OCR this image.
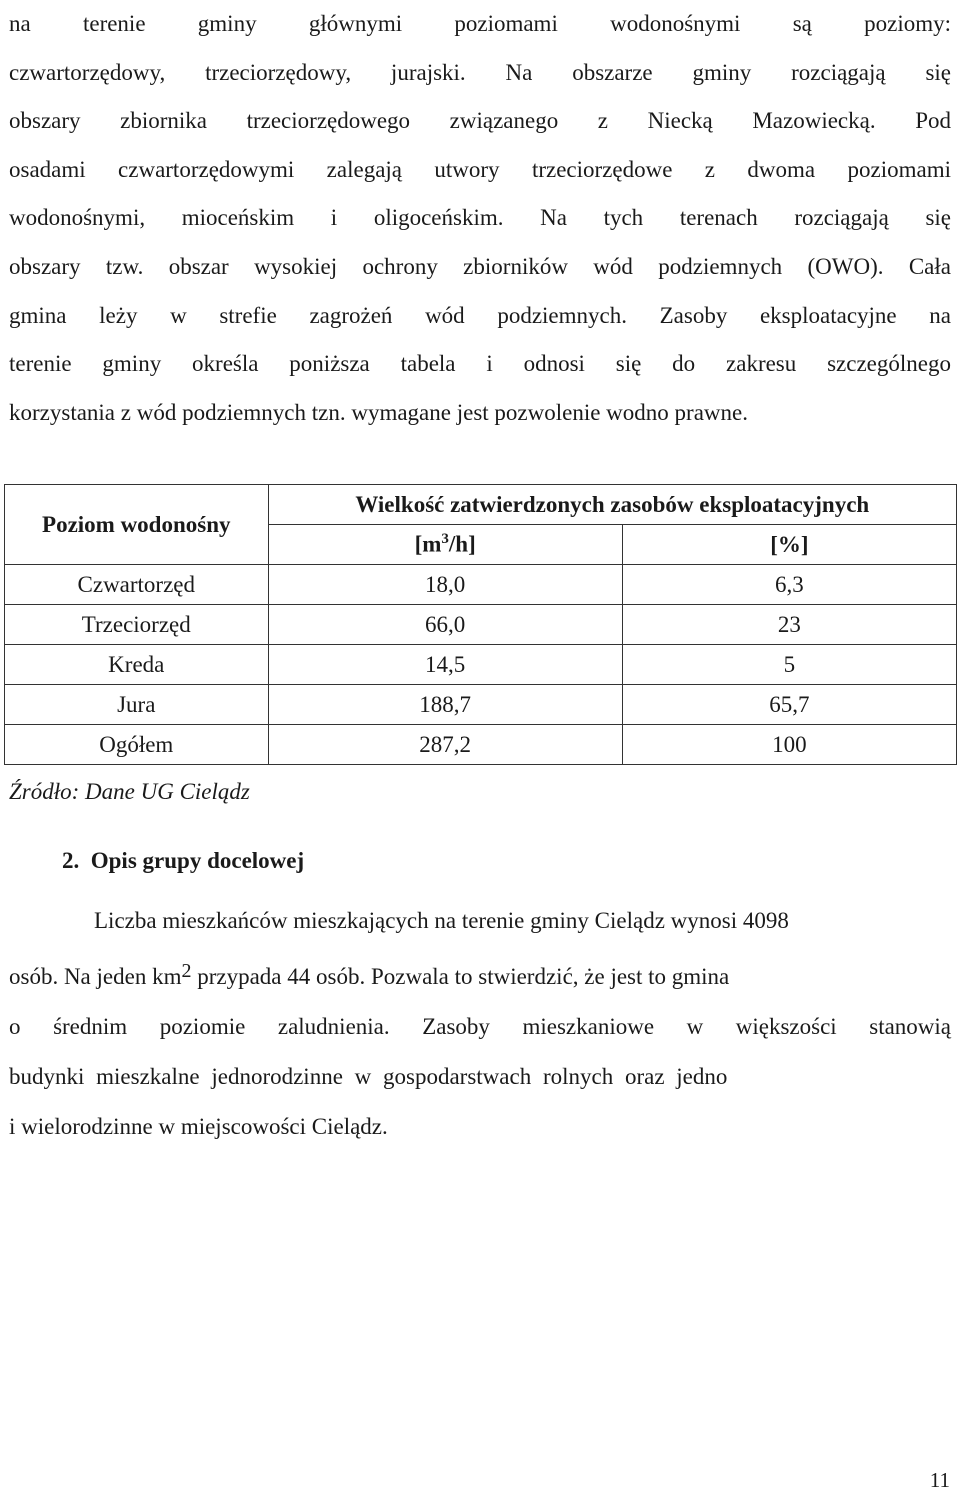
na terenie gminy głównymi poziomami wodonośnymi są poziomy:
czwartorzędowy, trzeciorzędowy, jurajski. Na obszarze gminy rozciągają się
obszary zbiornika trzeciorzędowego związanego z Niecką Mazowiecką. Pod
osadami czwartorzędowymi zalegają utwory trzeciorzędowe z dwoma poziomami
wodonośnymi, mioceńskim i oligoceńskim. Na tych terenach rozciągają się
obszary tzw. obszar wysokiej ochrony zbiorników wód podziemnych (OWO). Cała
gmina leży w strefie zagrożeń wód podziemnych. Zasoby eksploatacyjne na
terenie gminy określa poniższa tabela i odnosi się do zakresu szczególnego
korzystania z wód podziemnych tzn. wymagane jest pozwolenie wodno prawne.
Poziom wodonośny	Wielkość zatwierdzonych zasobów eksploatacyjnych	
	$[m^3/h]$	[%]
Czwartorzęd	18,0	6,3
Trzeciorzęd	66,0	23
Kreda	14,5	5
Jura	188,7	65,7
Ogółem	287,2	100
Źródło: Dane UG Cielądz
2. Opis grupy docelowej
Liczba mieszkańców mieszkających na terenie gminy Cielądz wynosi 4098
osób. Na jeden km2 przypada 44 osób. Pozwala to stwierdzić, że jest to gmina
o średnim poziomie zaludnienia. Zasoby mieszkaniowe w większości stanowią
budynki mieszkalne jednorodzinne w gospodarstwach rolnych oraz jedno
i wielorodzinne w miejscowości Cielądz.
11
